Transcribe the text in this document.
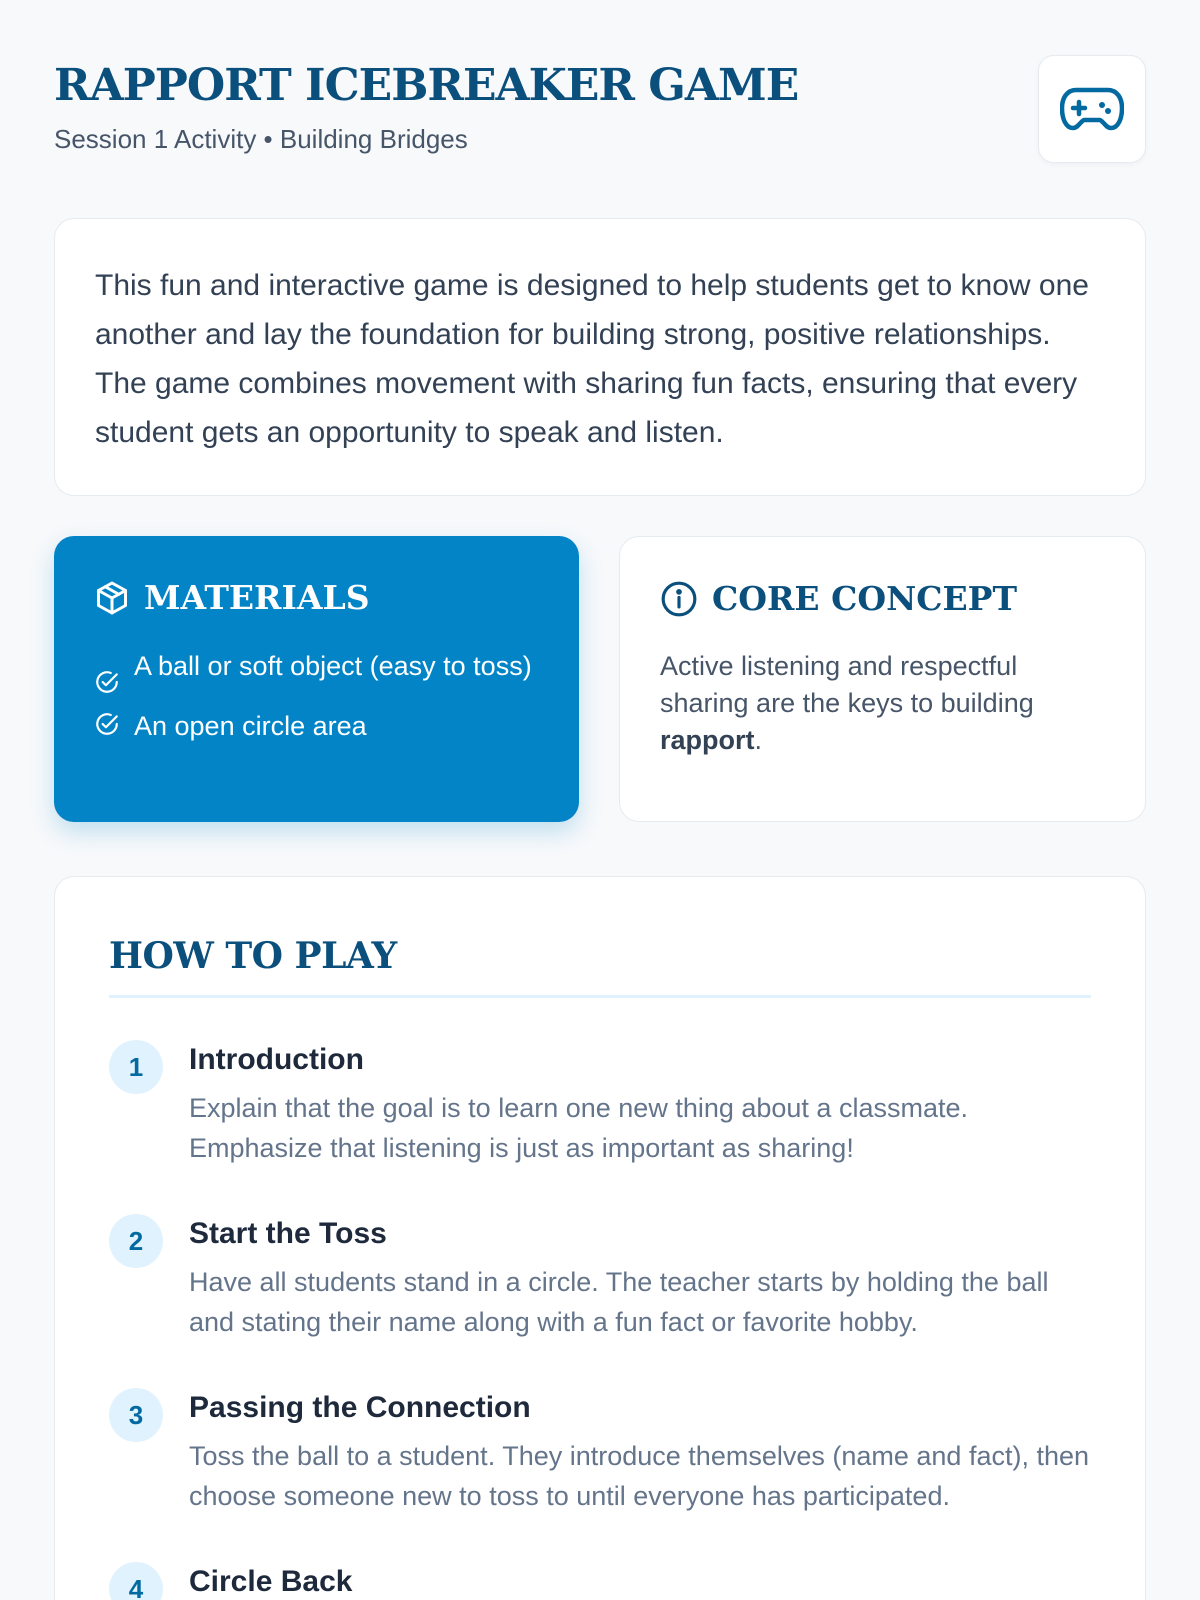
RAPPORT ICEBREAKER GAME
Session 1 Activity • Building Bridges

This fun and interactive game is designed to help students get to know one another and lay the foundation for building strong, positive relationships. The game combines movement with sharing fun facts, ensuring that every student gets an opportunity to speak and listen.

MATERIALS
A ball or soft object (easy to toss)
An open circle area
CORE CONCEPT

Active listening and respectful sharing are the keys to building rapport.

HOW TO PLAY
1	Introduction
Explain that the goal is to learn one new thing about a classmate. Emphasize that listening is just as important as sharing!
2	Start the Toss
Have all students stand in a circle. The teacher starts by holding the ball and stating their name along with a fun fact or favorite hobby.
3	Passing the Connection
Toss the ball to a student. They introduce themselves (name and fact), then choose someone new to toss to until everyone has participated.
4	Circle Back
